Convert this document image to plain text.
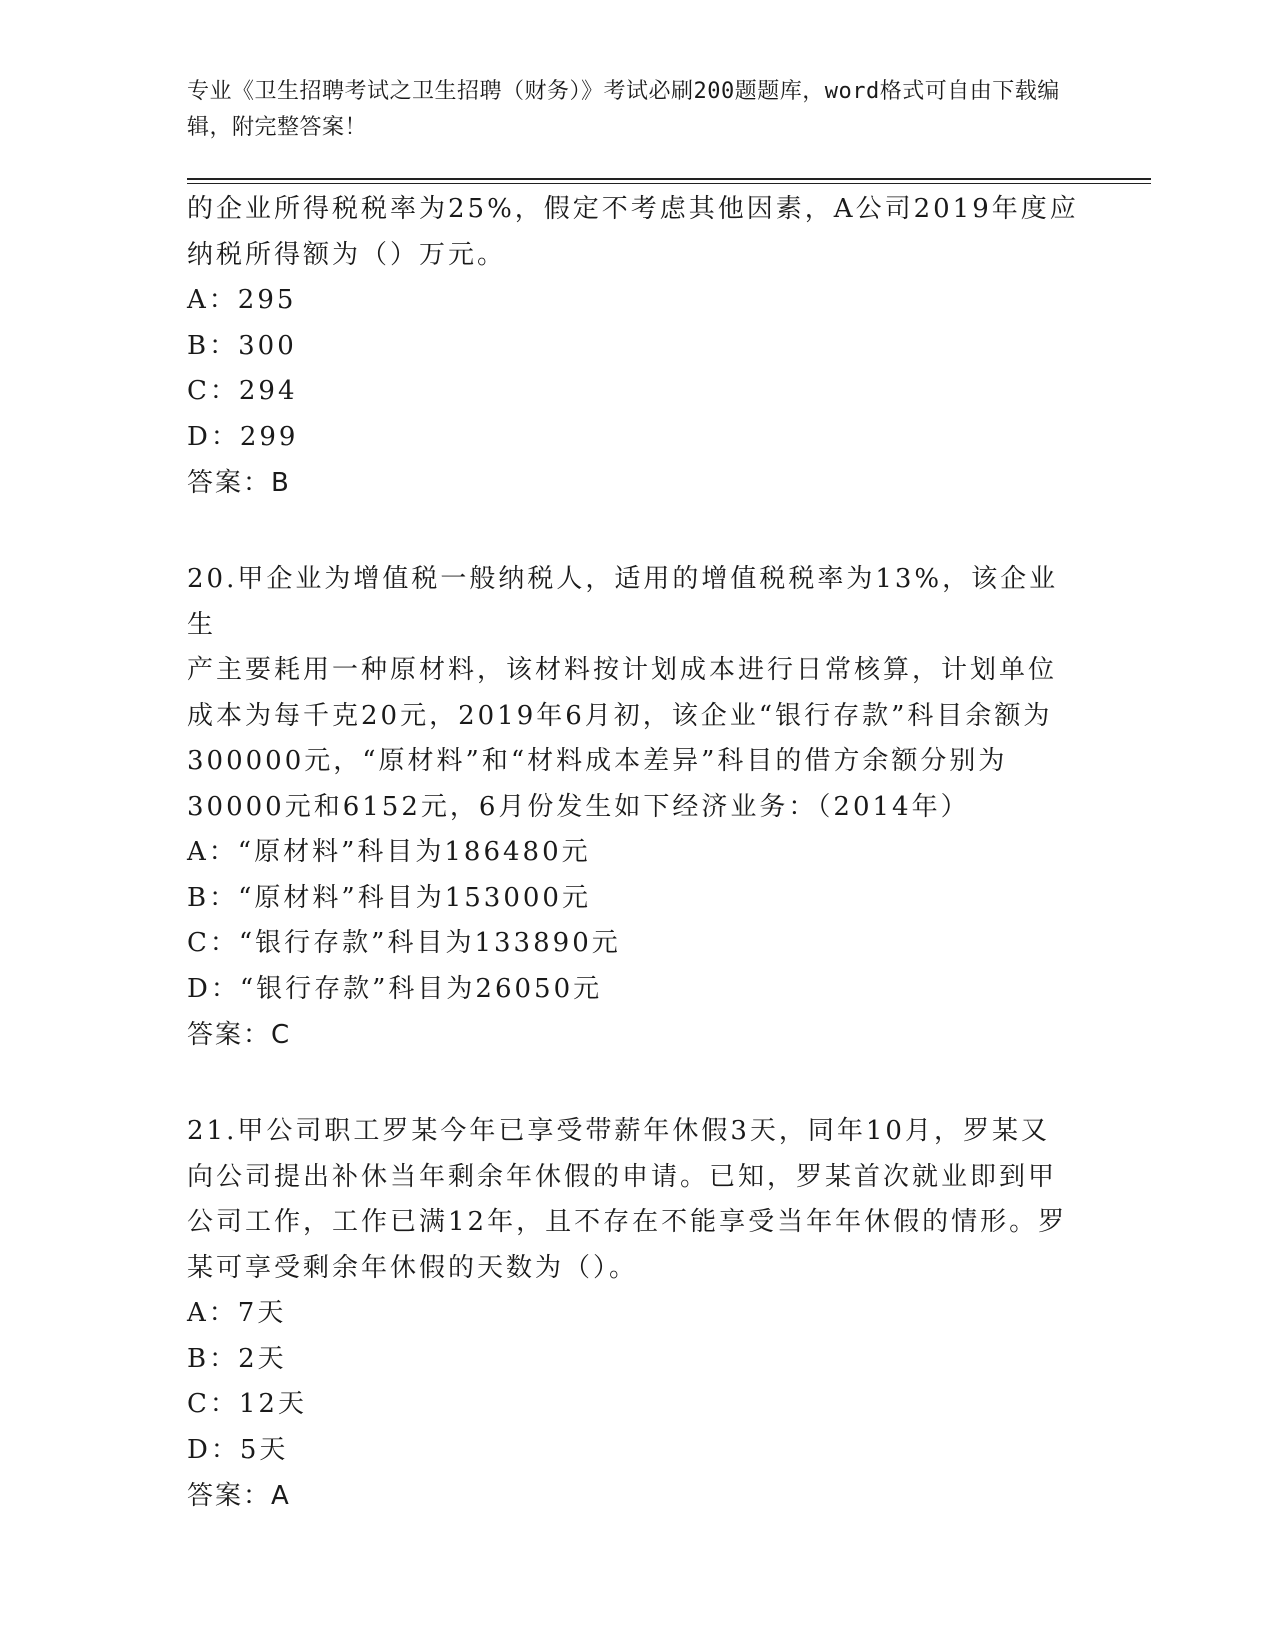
专业《卫生招聘考试之卫生招聘（财务）》考试必刷200题题库，word格式可自由下载编辑，附完整答案！

的企业所得税税率为25%，假定不考虑其他因素，A公司2019年度应

纳税所得额为（）万元。

A：295

B：300

C：294

D：299

答案：B

20.甲企业为增值税一般纳税人，适用的增值税税率为13%，该企业生

产主要耗用一种原材料，该材料按计划成本进行日常核算，计划单位

成本为每千克20元，2019年6月初，该企业“银行存款”科目余额为

300000元，“原材料”和“材料成本差异”科目的借方余额分别为

30000元和6152元，6月份发生如下经济业务：（2014年）

A：“原材料”科目为186480元

B：“原材料”科目为153000元

C：“银行存款”科目为133890元

D：“银行存款”科目为26050元

答案：C

21.甲公司职工罗某今年已享受带薪年休假3天，同年10月，罗某又

向公司提出补休当年剩余年休假的申请。已知，罗某首次就业即到甲

公司工作，工作已满12年，且不存在不能享受当年年休假的情形。罗

某可享受剩余年休假的天数为（）。

A：7天

B：2天

C：12天

D：5天

答案：A
